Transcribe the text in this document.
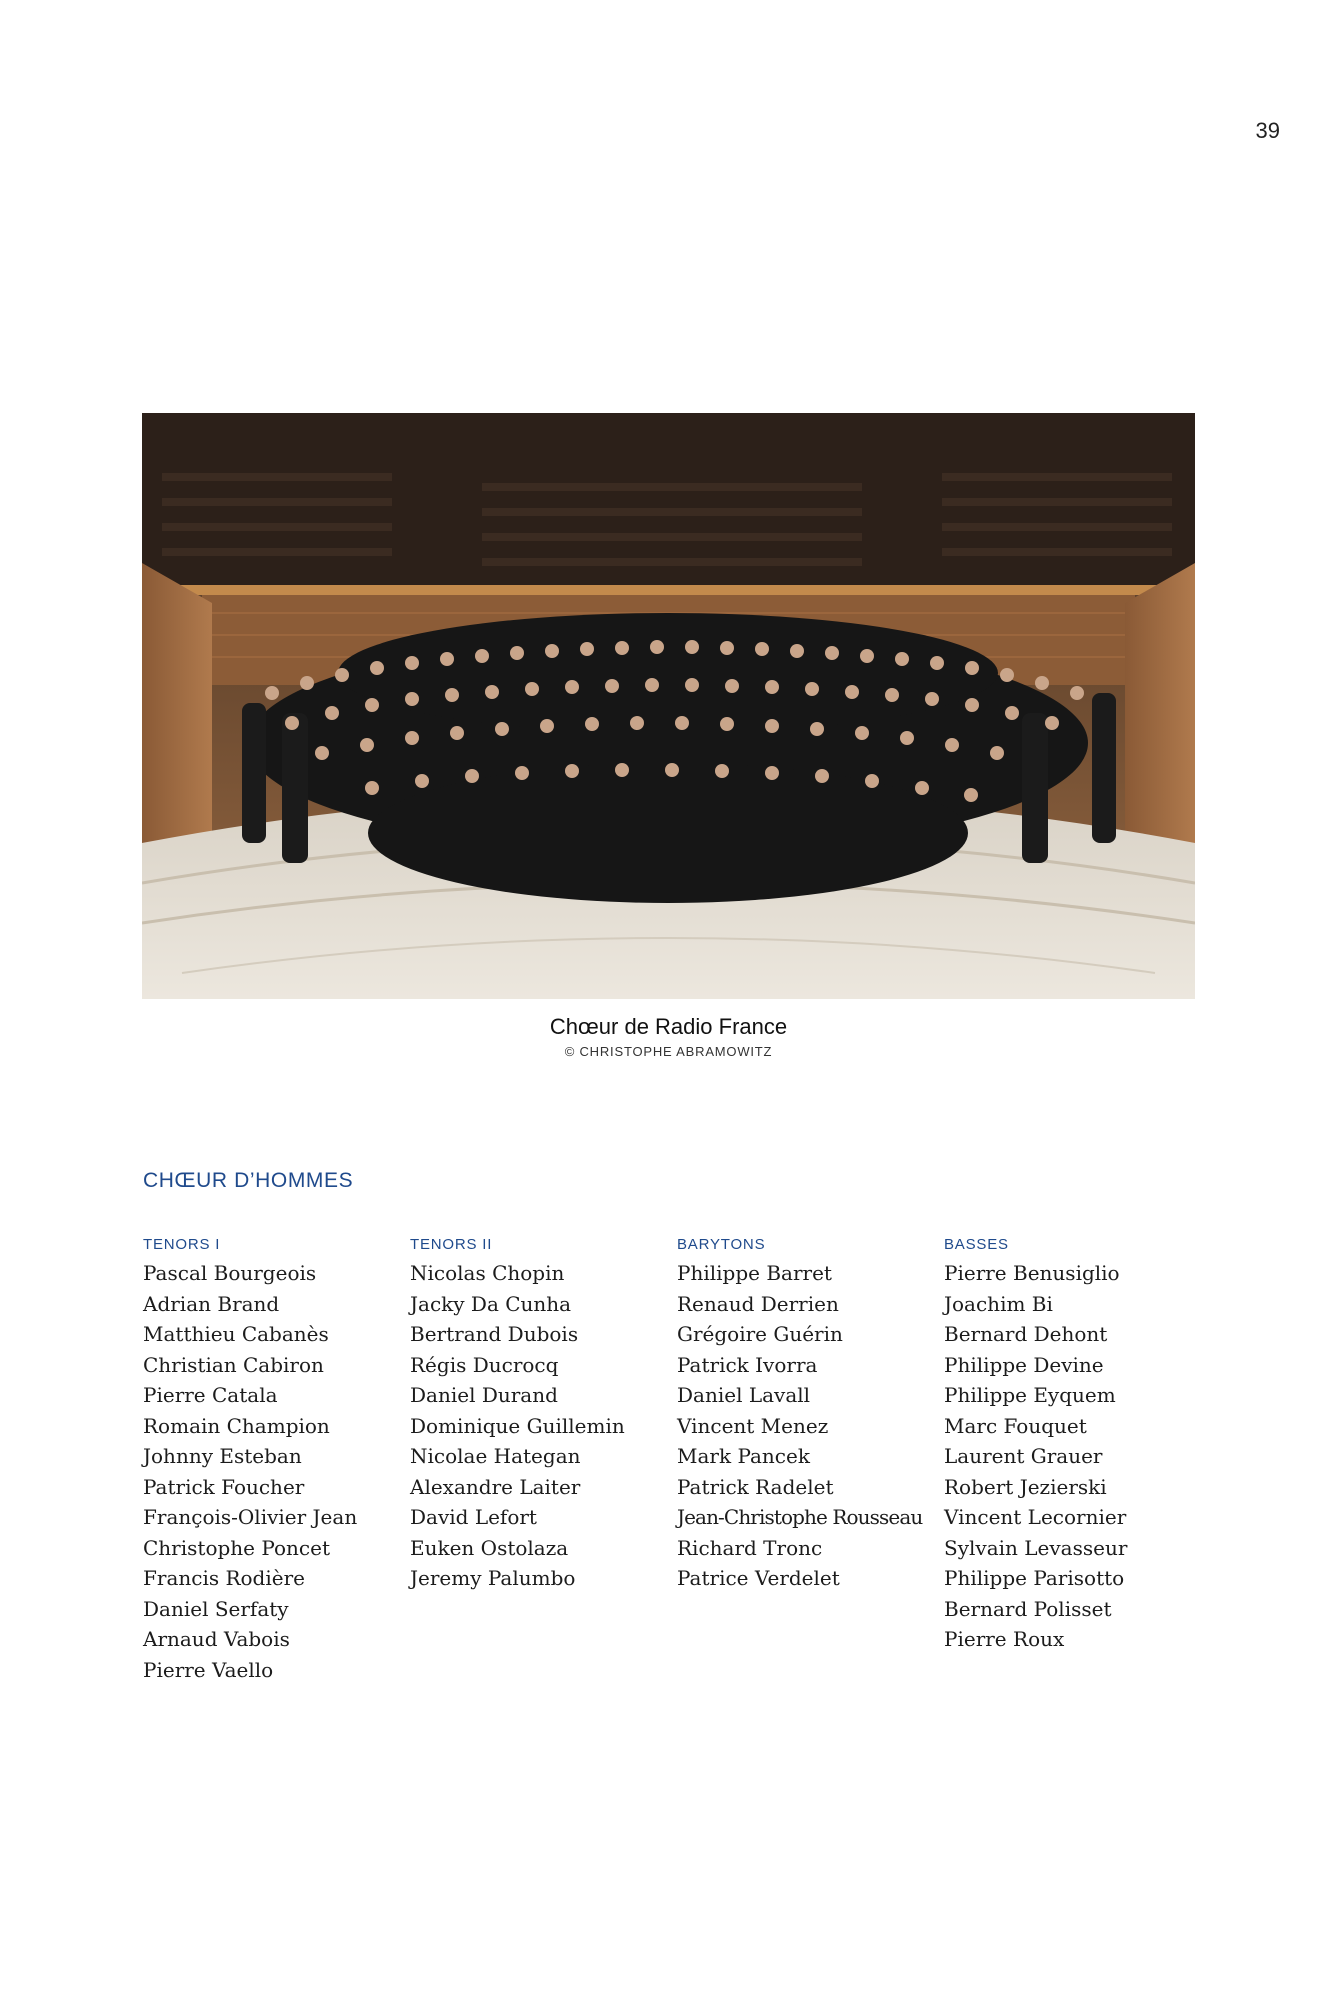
39
Chœur de Radio France
© CHRISTOPHE ABRAMOWITZ
CHŒUR D’HOMMES
TENORS I
Pascal Bourgeois
Adrian Brand
Matthieu Cabanès
Christian Cabiron
Pierre Catala
Romain Champion
Johnny Esteban
Patrick Foucher
François-Olivier Jean
Christophe Poncet
Francis Rodière
Daniel Serfaty
Arnaud Vabois
Pierre Vaello
TENORS II
Nicolas Chopin
Jacky Da Cunha
Bertrand Dubois
Régis Ducrocq
Daniel Durand
Dominique Guillemin
Nicolae Hategan
Alexandre Laiter
David Lefort
Euken Ostolaza
Jeremy Palumbo
BARYTONS
Philippe Barret
Renaud Derrien
Grégoire Guérin
Patrick Ivorra
Daniel Lavall
Vincent Menez
Mark Pancek
Patrick Radelet
Jean-Christophe Rousseau
Richard Tronc
Patrice Verdelet
BASSES
Pierre Benusiglio
Joachim Bi
Bernard Dehont
Philippe Devine
Philippe Eyquem
Marc Fouquet
Laurent Grauer
Robert Jezierski
Vincent Lecornier
Sylvain Levasseur
Philippe Parisotto
Bernard Polisset
Pierre Roux
